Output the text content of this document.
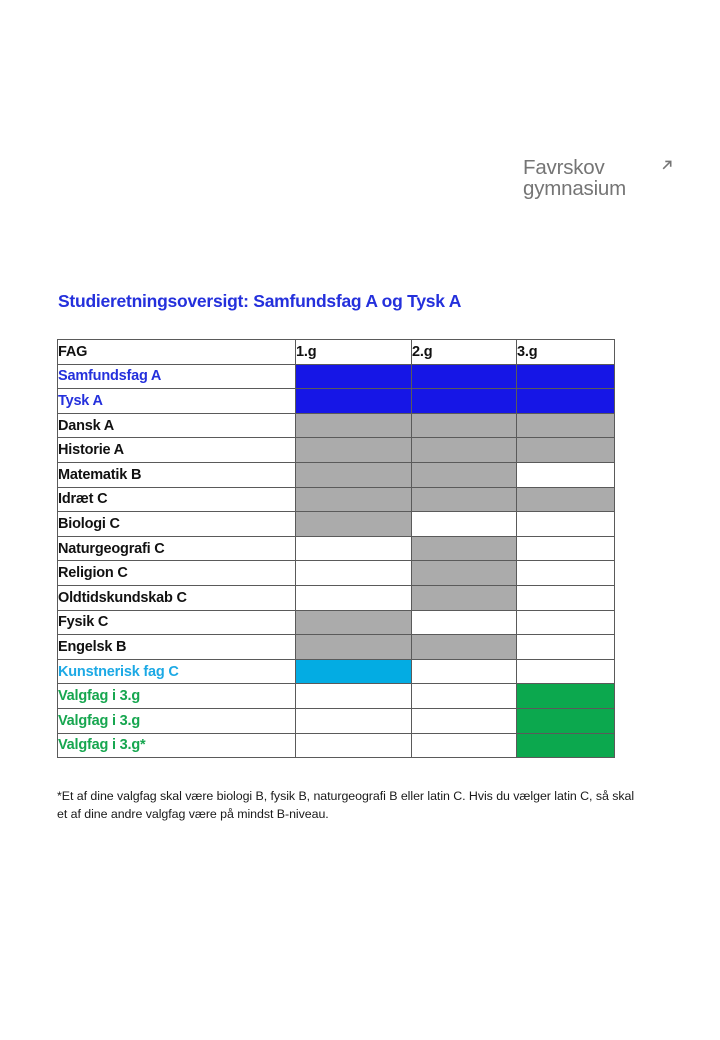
Favrskov
gymnasium
Studieretningsoversigt: Samfundsfag A og Tysk A
FAG	1.g	2.g	3.g
Samfundsfag A			
Tysk A			
Dansk A			
Historie A			
Matematik B			
Idræt C			
Biologi C			
Naturgeografi C			
Religion C			
Oldtidskundskab C			
Fysik C			
Engelsk B			
Kunstnerisk fag C			
Valgfag i 3.g			
Valgfag i 3.g			
Valgfag i 3.g*			

*Et af dine valgfag skal være biologi B, fysik B, naturgeografi B eller latin C. Hvis du vælger latin C, så skal et af dine andre valgfag være på mindst B-niveau.
